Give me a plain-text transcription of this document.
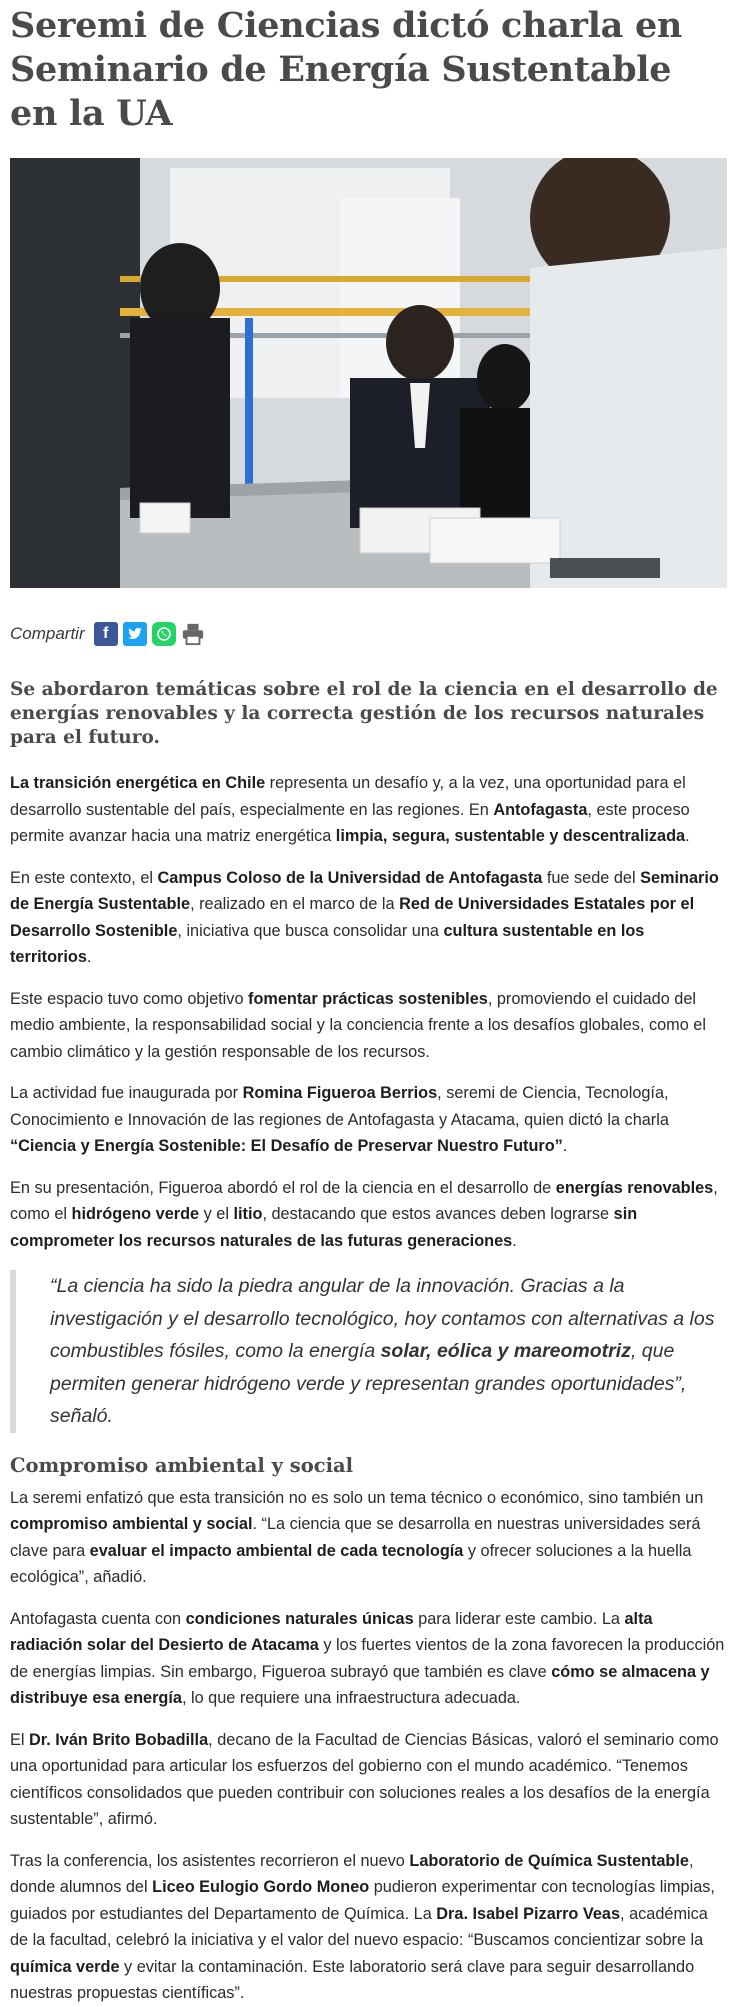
Seremi de Ciencias dictó charla en Seminario de Energía Sustentable en la UA
Compartir	f
Se abordaron temáticas sobre el rol de la ciencia en el desarrollo de energías renovables y la correcta gestión de los recursos naturales para el futuro.

La transición energética en Chile representa un desafío y, a la vez, una oportunidad para el desarrollo sustentable del país, especialmente en las regiones. En Antofagasta, este proceso permite avanzar hacia una matriz energética limpia, segura, sustentable y descentralizada.

En este contexto, el Campus Coloso de la Universidad de Antofagasta fue sede del Seminario de Energía Sustentable, realizado en el marco de la Red de Universidades Estatales por el Desarrollo Sostenible, iniciativa que busca consolidar una cultura sustentable en los territorios.

Este espacio tuvo como objetivo fomentar prácticas sostenibles, promoviendo el cuidado del medio ambiente, la responsabilidad social y la conciencia frente a los desafíos globales, como el cambio climático y la gestión responsable de los recursos.

La actividad fue inaugurada por Romina Figueroa Berrios, seremi de Ciencia, Tecnología, Conocimiento e Innovación de las regiones de Antofagasta y Atacama, quien dictó la charla “Ciencia y Energía Sostenible: El Desafío de Preservar Nuestro Futuro”.

En su presentación, Figueroa abordó el rol de la ciencia en el desarrollo de energías renovables, como el hidrógeno verde y el litio, destacando que estos avances deben lograrse sin comprometer los recursos naturales de las futuras generaciones.

“La ciencia ha sido la piedra angular de la innovación. Gracias a la investigación y el desarrollo tecnológico, hoy contamos con alternativas a los combustibles fósiles, como la energía solar, eólica y mareomotriz, que permiten generar hidrógeno verde y representan grandes oportunidades”, señaló.
Compromiso ambiental y social

La seremi enfatizó que esta transición no es solo un tema técnico o económico, sino también un compromiso ambiental y social. “La ciencia que se desarrolla en nuestras universidades será clave para evaluar el impacto ambiental de cada tecnología y ofrecer soluciones a la huella ecológica”, añadió.

Antofagasta cuenta con condiciones naturales únicas para liderar este cambio. La alta radiación solar del Desierto de Atacama y los fuertes vientos de la zona favorecen la producción de energías limpias. Sin embargo, Figueroa subrayó que también es clave cómo se almacena y distribuye esa energía, lo que requiere una infraestructura adecuada.

El Dr. Iván Brito Bobadilla, decano de la Facultad de Ciencias Básicas, valoró el seminario como una oportunidad para articular los esfuerzos del gobierno con el mundo académico. “Tenemos científicos consolidados que pueden contribuir con soluciones reales a los desafíos de la energía sustentable”, afirmó.

Tras la conferencia, los asistentes recorrieron el nuevo Laboratorio de Química Sustentable, donde alumnos del Liceo Eulogio Gordo Moneo pudieron experimentar con tecnologías limpias, guiados por estudiantes del Departamento de Química. La Dra. Isabel Pizarro Veas, académica de la facultad, celebró la iniciativa y el valor del nuevo espacio: “Buscamos concientizar sobre la química verde y evitar la contaminación. Este laboratorio será clave para seguir desarrollando nuestras propuestas científicas”.
